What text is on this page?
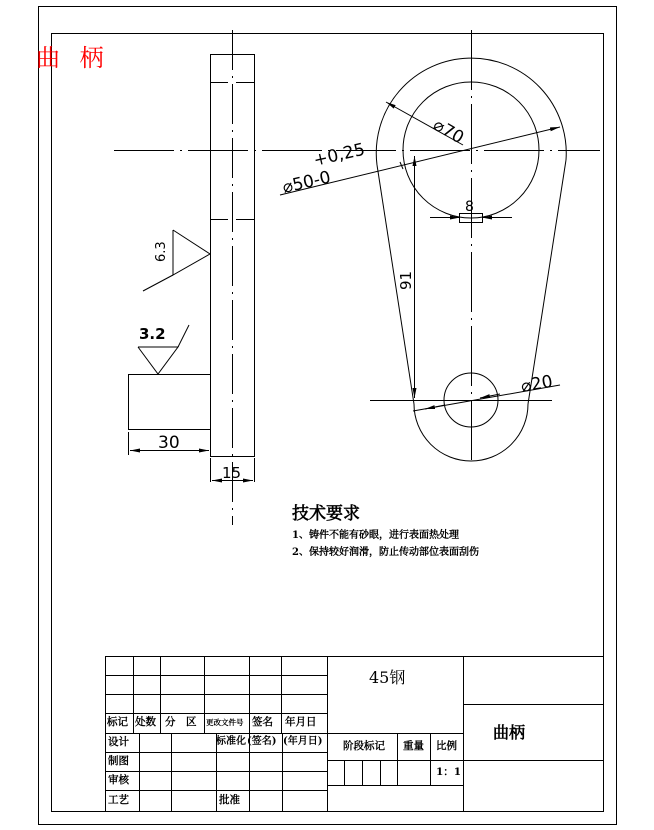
⌀50-0
+0,25
⌀70
8
91
⌀20
30
15
6.3
3.2
曲 柄
技术要求
1、铸件不能有砂眼，进行表面热处理
2、保持较好润滑，防止传动部位表面刮伤
标记 处数 分　区 更改文件号 签名 年月日
设计
制图
审核
工艺
标准化 (签名) (年月日)
批准
45钢
阶段标记 重量 比例
1：1
曲柄
